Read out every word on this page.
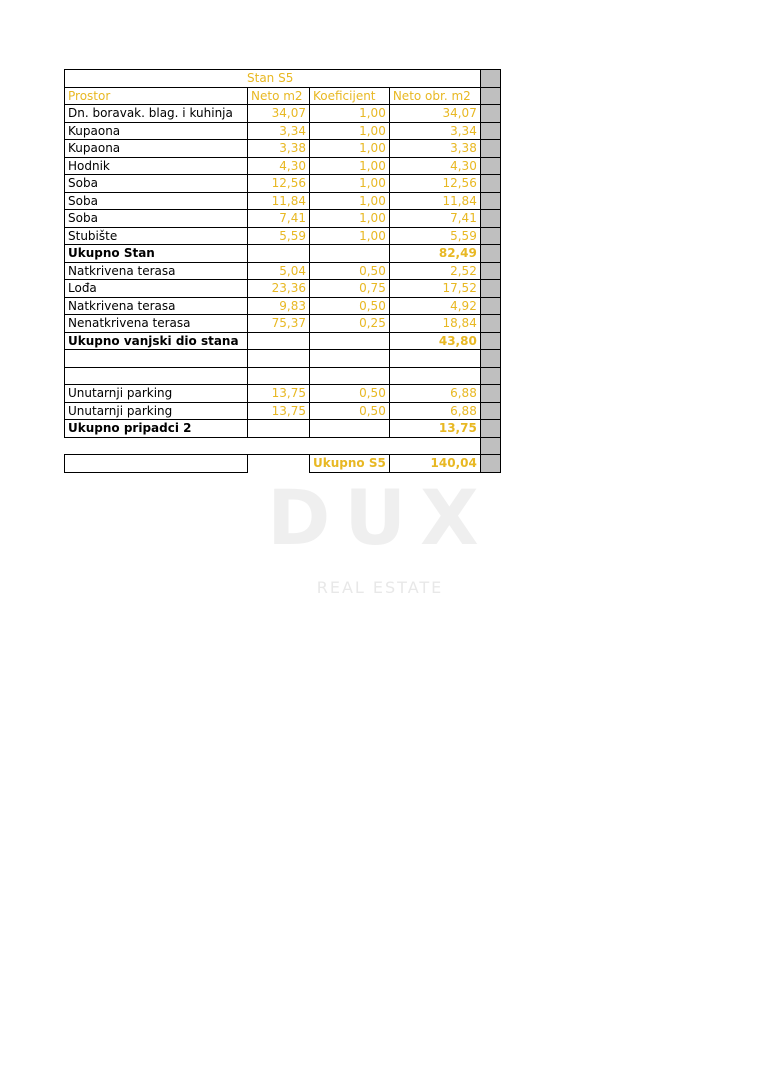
Stan S5				
Prostor	Neto m2	Koeficijent	Neto obr. m2	
Dn. boravak. blag. i kuhinja	34,07	1,00	34,07	
Kupaona	3,34	1,00	3,34	
Kupaona	3,38	1,00	3,38	
Hodnik	4,30	1,00	4,30	
Soba	12,56	1,00	12,56	
Soba	11,84	1,00	11,84	
Soba	7,41	1,00	7,41	
Stubište	5,59	1,00	5,59	
Ukupno Stan			82,49	
Natkrivena terasa	5,04	0,50	2,52	
Lođa	23,36	0,75	17,52	
Natkrivena terasa	9,83	0,50	4,92	
Nenatkrivena terasa	75,37	0,25	18,84	
Ukupno vanjski dio stana			43,80	

Unutarnji parking	13,75	0,50	6,88	
Unutarnji parking	13,75	0,50	6,88	
Ukupno pripadci 2			13,75	

		Ukupno S5	140,04	
DUX
REAL ESTATE
